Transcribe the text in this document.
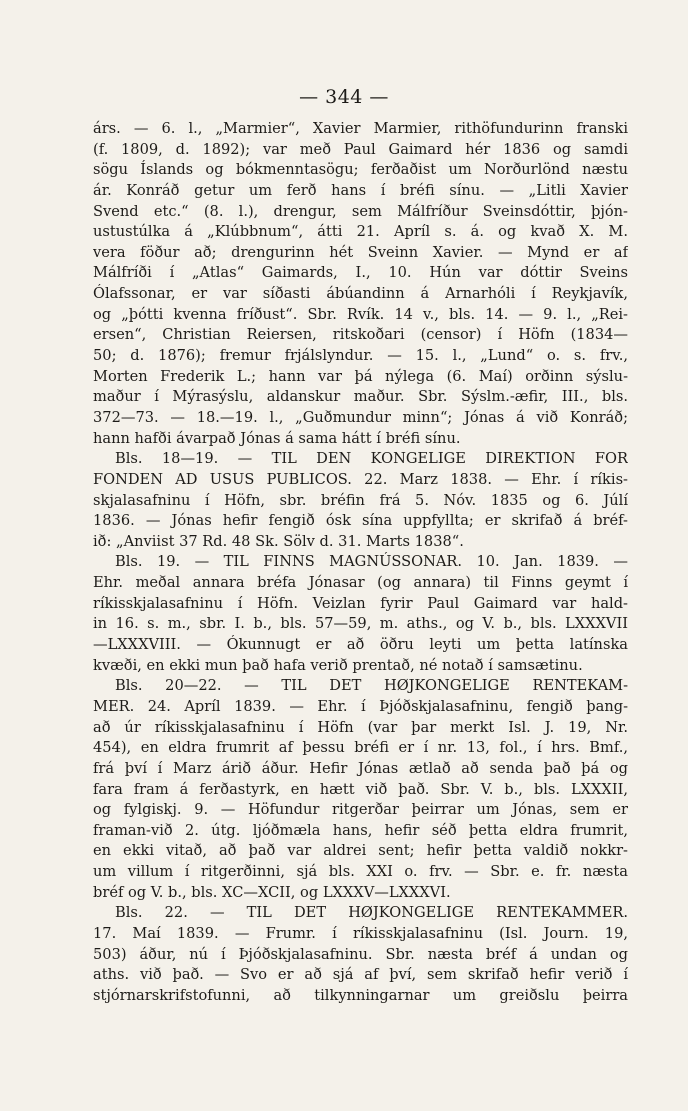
— 344 —
árs. — 6. l., „Marmier“, Xavier Marmier, rithöfundurinn franski
(f. 1809, d. 1892); var með Paul Gaimard hér 1836 og samdi
sögu Íslands og bókmenntasögu; ferðaðist um Norðurlönd næstu
ár. Konráð getur um ferð hans í bréfi sínu. — „Litli Xavier
Svend etc.“ (8. l.), drengur, sem Málfríður Sveinsdóttir, þjón-
ustustúlka á „Klúbbnum“, átti 21. Apríl s. á. og kvað X. M.
vera föður að; drengurinn hét Sveinn Xavier. — Mynd er af
Málfríði í „Atlas“ Gaimards, I., 10. Hún var dóttir Sveins
Ólafssonar, er var síðasti ábúandinn á Arnarhóli í Reykjavík,
og „þótti kvenna fríðust“. Sbr. Rvík. 14 v., bls. 14. — 9. l., „Rei-
ersen“, Christian Reiersen, ritskoðari (censor) í Höfn (1834—
50; d. 1876); fremur frjálslyndur. — 15. l., „Lund“ o. s. frv.,
Morten Frederik L.; hann var þá nýlega (6. Maí) orðinn sýslu-
maður í Mýrasýslu, aldanskur maður. Sbr. Sýslm.-æfir, III., bls.
372—73. — 18.—19. l., „Guðmundur minn“; Jónas á við Konráð;
hann hafði ávarpað Jónas á sama hátt í bréfi sínu.
Bls. 18—19. — TIL DEN KONGELIGE DIREKTION FOR
FONDEN AD USUS PUBLICOS. 22. Marz 1838. — Ehr. í ríkis-
skjalasafninu í Höfn, sbr. bréfin frá 5. Nóv. 1835 og 6. Júlí
1836. — Jónas hefir fengið ósk sína uppfyllta; er skrifað á bréf-
ið: „Anviist 37 Rd. 48 Sk. Sölv d. 31. Marts 1838“.
Bls. 19. — TIL FINNS MAGNÚSSONAR. 10. Jan. 1839. —
Ehr. meðal annara bréfa Jónasar (og annara) til Finns geymt í
ríkisskjalasafninu í Höfn. Veizlan fyrir Paul Gaimard var hald-
in 16. s. m., sbr. I. b., bls. 57—59, m. aths., og V. b., bls. LXXXVII
—LXXXVIII. — Ókunnugt er að öðru leyti um þetta latínska
kvæði, en ekki mun það hafa verið prentað, né notað í samsætinu.
Bls. 20—22. — TIL DET HØJKONGELIGE RENTEKAM-
MER. 24. Apríl 1839. — Ehr. í Þjóðskjalasafninu, fengið þang-
að úr ríkisskjalasafninu í Höfn (var þar merkt Isl. J. 19, Nr.
454), en eldra frumrit af þessu bréfi er í nr. 13, fol., í hrs. Bmf.,
frá því í Marz árið áður. Hefir Jónas ætlað að senda það þá og
fara fram á ferðastyrk, en hætt við það. Sbr. V. b., bls. LXXXII,
og fylgiskj. 9. — Höfundur ritgerðar þeirrar um Jónas, sem er
framan-við 2. útg. ljóðmæla hans, hefir séð þetta eldra frumrit,
en ekki vitað, að það var aldrei sent; hefir þetta valdið nokkr-
um villum í ritgerðinni, sjá bls. XXI o. frv. — Sbr. e. fr. næsta
bréf og V. b., bls. XC—XCII, og LXXXV—LXXXVI.
Bls. 22. — TIL DET HØJKONGELIGE RENTEKAMMER.
17. Maí 1839. — Frumr. í ríkisskjalasafninu (Isl. Journ. 19,
503) áður, nú í Þjóðskjalasafninu. Sbr. næsta bréf á undan og
aths. við það. — Svo er að sjá af því, sem skrifað hefir verið í
stjórnarskrifstofunni, að tilkynningarnar um greiðslu þeirra
